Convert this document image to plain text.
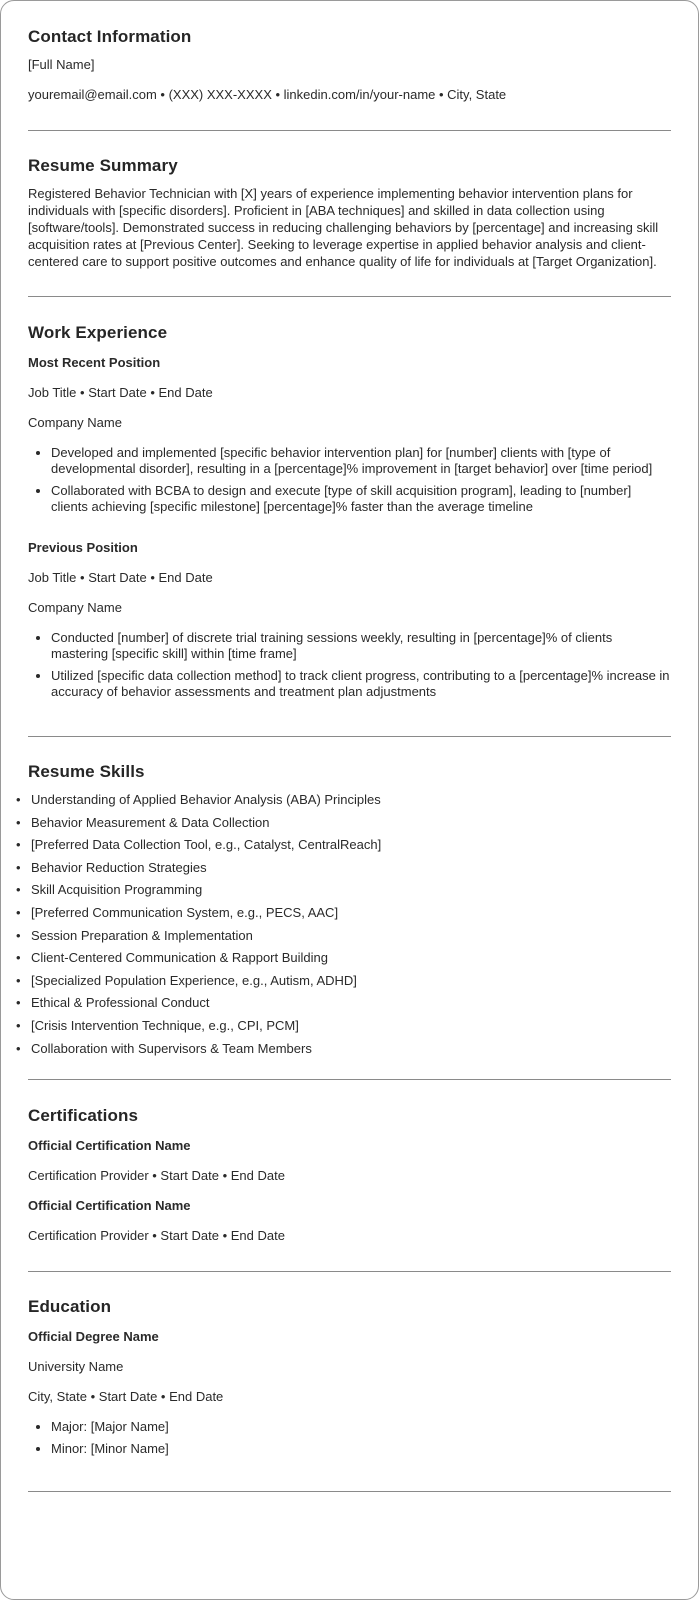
Contact Information

[Full Name]

youremail@email.com • (XXX) XXX-XXXX • linkedin.com/in/your-name • City, State

Resume Summary

Registered Behavior Technician with [X] years of experience implementing behavior intervention plans for individuals with [specific disorders]. Proficient in [ABA techniques] and skilled in data collection using [software/tools]. Demonstrated success in reducing challenging behaviors by [percentage] and increasing skill acquisition rates at [Previous Center]. Seeking to leverage expertise in applied behavior analysis and client-centered care to support positive outcomes and enhance quality of life for individuals at [Target Organization].

Work Experience

Most Recent Position

Job Title • Start Date • End Date

Company Name

• Developed and implemented [specific behavior intervention plan] for [number] clients with [type of developmental disorder], resulting in a [percentage]% improvement in [target behavior] over [time period]
• Collaborated with BCBA to design and execute [type of skill acquisition program], leading to [number] clients achieving [specific milestone] [percentage]% faster than the average timeline

Previous Position

Job Title • Start Date • End Date

Company Name

• Conducted [number] of discrete trial training sessions weekly, resulting in [percentage]% of clients mastering [specific skill] within [time frame]
• Utilized [specific data collection method] to track client progress, contributing to a [percentage]% increase in accuracy of behavior assessments and treatment plan adjustments
Resume Skills
• Understanding of Applied Behavior Analysis (ABA) Principles
• Behavior Measurement & Data Collection
• [Preferred Data Collection Tool, e.g., Catalyst, CentralReach]
• Behavior Reduction Strategies
• Skill Acquisition Programming
• [Preferred Communication System, e.g., PECS, AAC]
• Session Preparation & Implementation
• Client-Centered Communication & Rapport Building
• [Specialized Population Experience, e.g., Autism, ADHD]
• Ethical & Professional Conduct
• [Crisis Intervention Technique, e.g., CPI, PCM]
• Collaboration with Supervisors & Team Members
Certifications

Official Certification Name

Certification Provider • Start Date • End Date

Official Certification Name

Certification Provider • Start Date • End Date

Education

Official Degree Name

University Name

City, State • Start Date • End Date

• Major: [Major Name]
• Minor: [Minor Name]
